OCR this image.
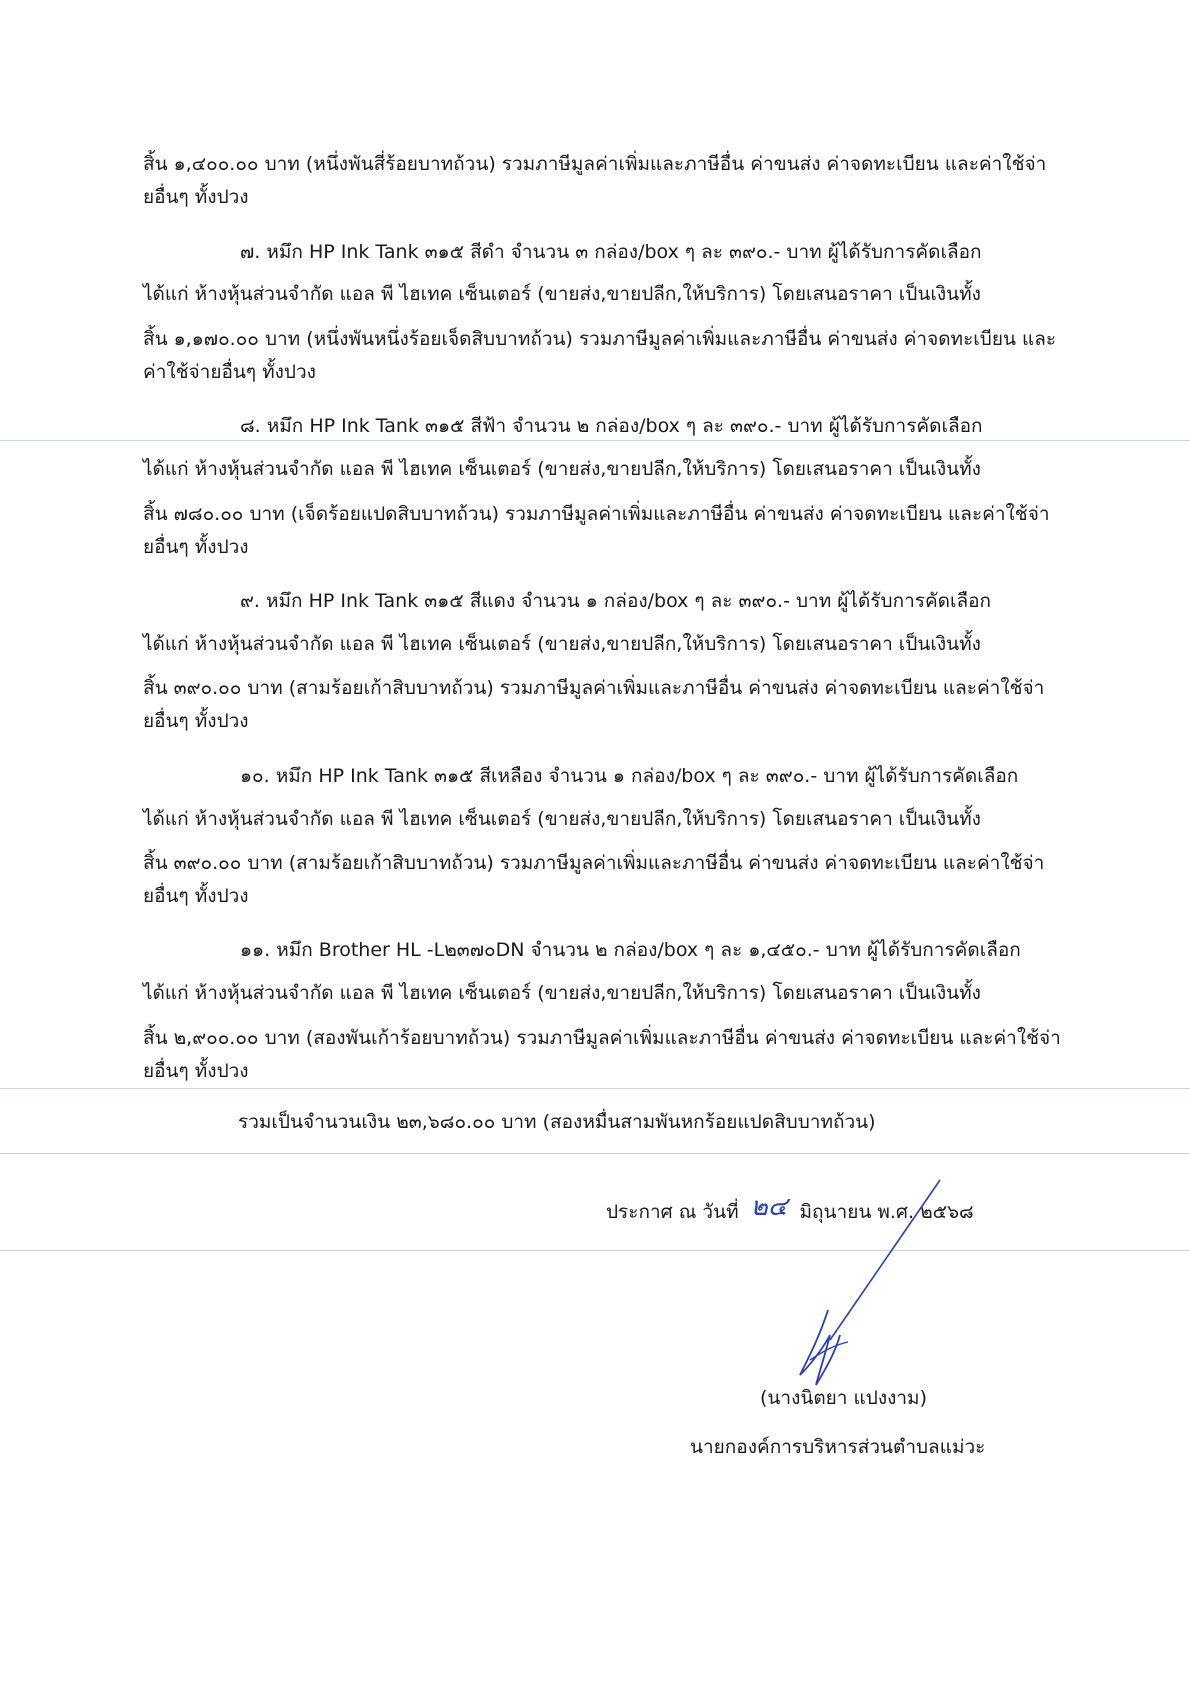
สิ้น ๑,๔๐๐.๐๐ บาท (หนึ่งพันสี่ร้อยบาทถ้วน) รวมภาษีมูลค่าเพิ่มและภาษีอื่น ค่าขนส่ง ค่าจดทะเบียน และค่าใช้จ่า
ยอื่นๆ ทั้งปวง
๗. หมึก HP Ink Tank ๓๑๕ สีดำ จำนวน ๓ กล่อง/box ๆ ละ ๓๙๐.- บาท ผู้ได้รับการคัดเลือก
ได้แก่ ห้างหุ้นส่วนจำกัด แอล พี ไฮเทค เซ็นเตอร์ (ขายส่ง,ขายปลีก,ให้บริการ) โดยเสนอราคา เป็นเงินทั้ง
สิ้น ๑,๑๗๐.๐๐ บาท (หนึ่งพันหนึ่งร้อยเจ็ดสิบบาทถ้วน) รวมภาษีมูลค่าเพิ่มและภาษีอื่น ค่าขนส่ง ค่าจดทะเบียน และ
ค่าใช้จ่ายอื่นๆ ทั้งปวง
๘. หมึก HP Ink Tank ๓๑๕ สีฟ้า จำนวน ๒ กล่อง/box ๆ ละ ๓๙๐.- บาท ผู้ได้รับการคัดเลือก
ได้แก่ ห้างหุ้นส่วนจำกัด แอล พี ไฮเทค เซ็นเตอร์ (ขายส่ง,ขายปลีก,ให้บริการ) โดยเสนอราคา เป็นเงินทั้ง
สิ้น ๗๘๐.๐๐ บาท (เจ็ดร้อยแปดสิบบาทถ้วน) รวมภาษีมูลค่าเพิ่มและภาษีอื่น ค่าขนส่ง ค่าจดทะเบียน และค่าใช้จ่า
ยอื่นๆ ทั้งปวง
๙. หมึก HP Ink Tank ๓๑๕ สีแดง จำนวน ๑ กล่อง/box ๆ ละ ๓๙๐.- บาท ผู้ได้รับการคัดเลือก
ได้แก่ ห้างหุ้นส่วนจำกัด แอล พี ไฮเทค เซ็นเตอร์ (ขายส่ง,ขายปลีก,ให้บริการ) โดยเสนอราคา เป็นเงินทั้ง
สิ้น ๓๙๐.๐๐ บาท (สามร้อยเก้าสิบบาทถ้วน) รวมภาษีมูลค่าเพิ่มและภาษีอื่น ค่าขนส่ง ค่าจดทะเบียน และค่าใช้จ่า
ยอื่นๆ ทั้งปวง
๑๐. หมึก HP Ink Tank ๓๑๕ สีเหลือง จำนวน ๑ กล่อง/box ๆ ละ ๓๙๐.- บาท ผู้ได้รับการคัดเลือก
ได้แก่ ห้างหุ้นส่วนจำกัด แอล พี ไฮเทค เซ็นเตอร์ (ขายส่ง,ขายปลีก,ให้บริการ) โดยเสนอราคา เป็นเงินทั้ง
สิ้น ๓๙๐.๐๐ บาท (สามร้อยเก้าสิบบาทถ้วน) รวมภาษีมูลค่าเพิ่มและภาษีอื่น ค่าขนส่ง ค่าจดทะเบียน และค่าใช้จ่า
ยอื่นๆ ทั้งปวง
๑๑. หมึก Brother HL -L๒๓๗๐DN จำนวน ๒ กล่อง/box ๆ ละ ๑,๔๕๐.- บาท ผู้ได้รับการคัดเลือก
ได้แก่ ห้างหุ้นส่วนจำกัด แอล พี ไฮเทค เซ็นเตอร์ (ขายส่ง,ขายปลีก,ให้บริการ) โดยเสนอราคา เป็นเงินทั้ง
สิ้น ๒,๙๐๐.๐๐ บาท (สองพันเก้าร้อยบาทถ้วน) รวมภาษีมูลค่าเพิ่มและภาษีอื่น ค่าขนส่ง ค่าจดทะเบียน และค่าใช้จ่า
ยอื่นๆ ทั้งปวง
รวมเป็นจำนวนเงิน ๒๓,๖๘๐.๐๐ บาท (สองหมื่นสามพันหกร้อยแปดสิบบาทถ้วน)
ประกาศ ณ วันที่ ๒๔ มิถุนายน พ.ศ. ๒๕๖๘
(นางนิตยา แปงงาม)
นายกองค์การบริหารส่วนตำบลแม่วะ
